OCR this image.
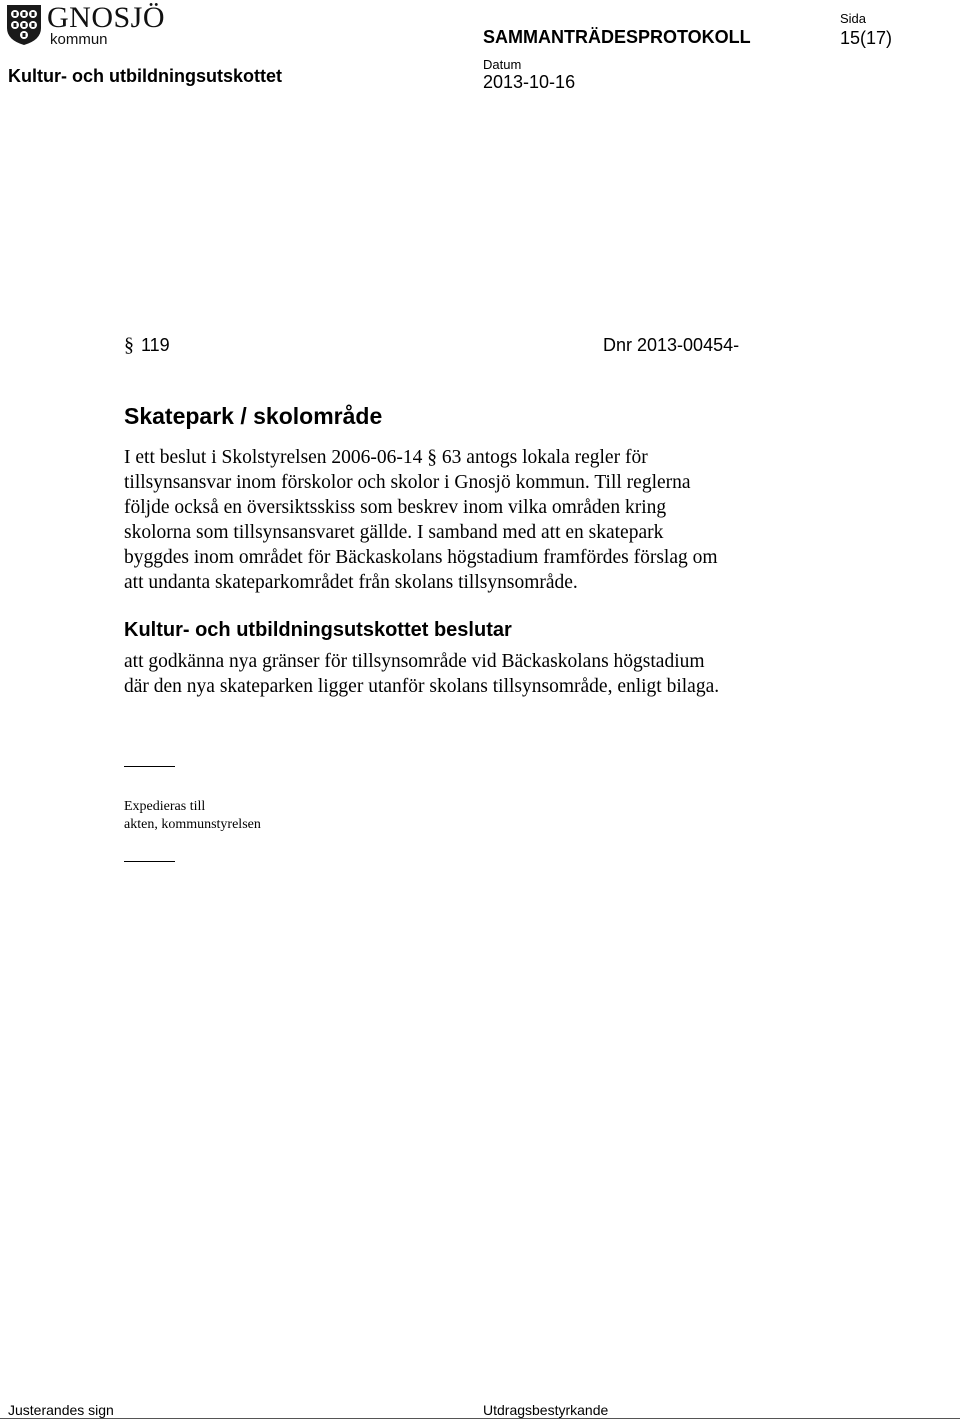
GNOSJÖ
kommun
Kultur- och utbildningsutskottet
SAMMANTRÄDESPROTOKOLL
Datum
2013-10-16
Sida
15(17)
§ 119	Dnr 2013-00454-
Skatepark / skolområde
I ett beslut i Skolstyrelsen 2006-06-14 § 63 antogs lokala regler för
tillsynsansvar inom förskolor och skolor i Gnosjö kommun. Till reglerna
följde också en översiktsskiss som beskrev inom vilka områden kring
skolorna som tillsynsansvaret gällde. I samband med att en skatepark
byggdes inom området för Bäckaskolans högstadium framfördes förslag om
att undanta skateparkområdet från skolans tillsynsområde.
Kultur- och utbildningsutskottet beslutar
att godkänna nya gränser för tillsynsområde vid Bäckaskolans högstadium
där den nya skateparken ligger utanför skolans tillsynsområde, enligt bilaga.
Expedieras till
akten, kommunstyrelsen
Justerandes sign	Utdragsbestyrkande
